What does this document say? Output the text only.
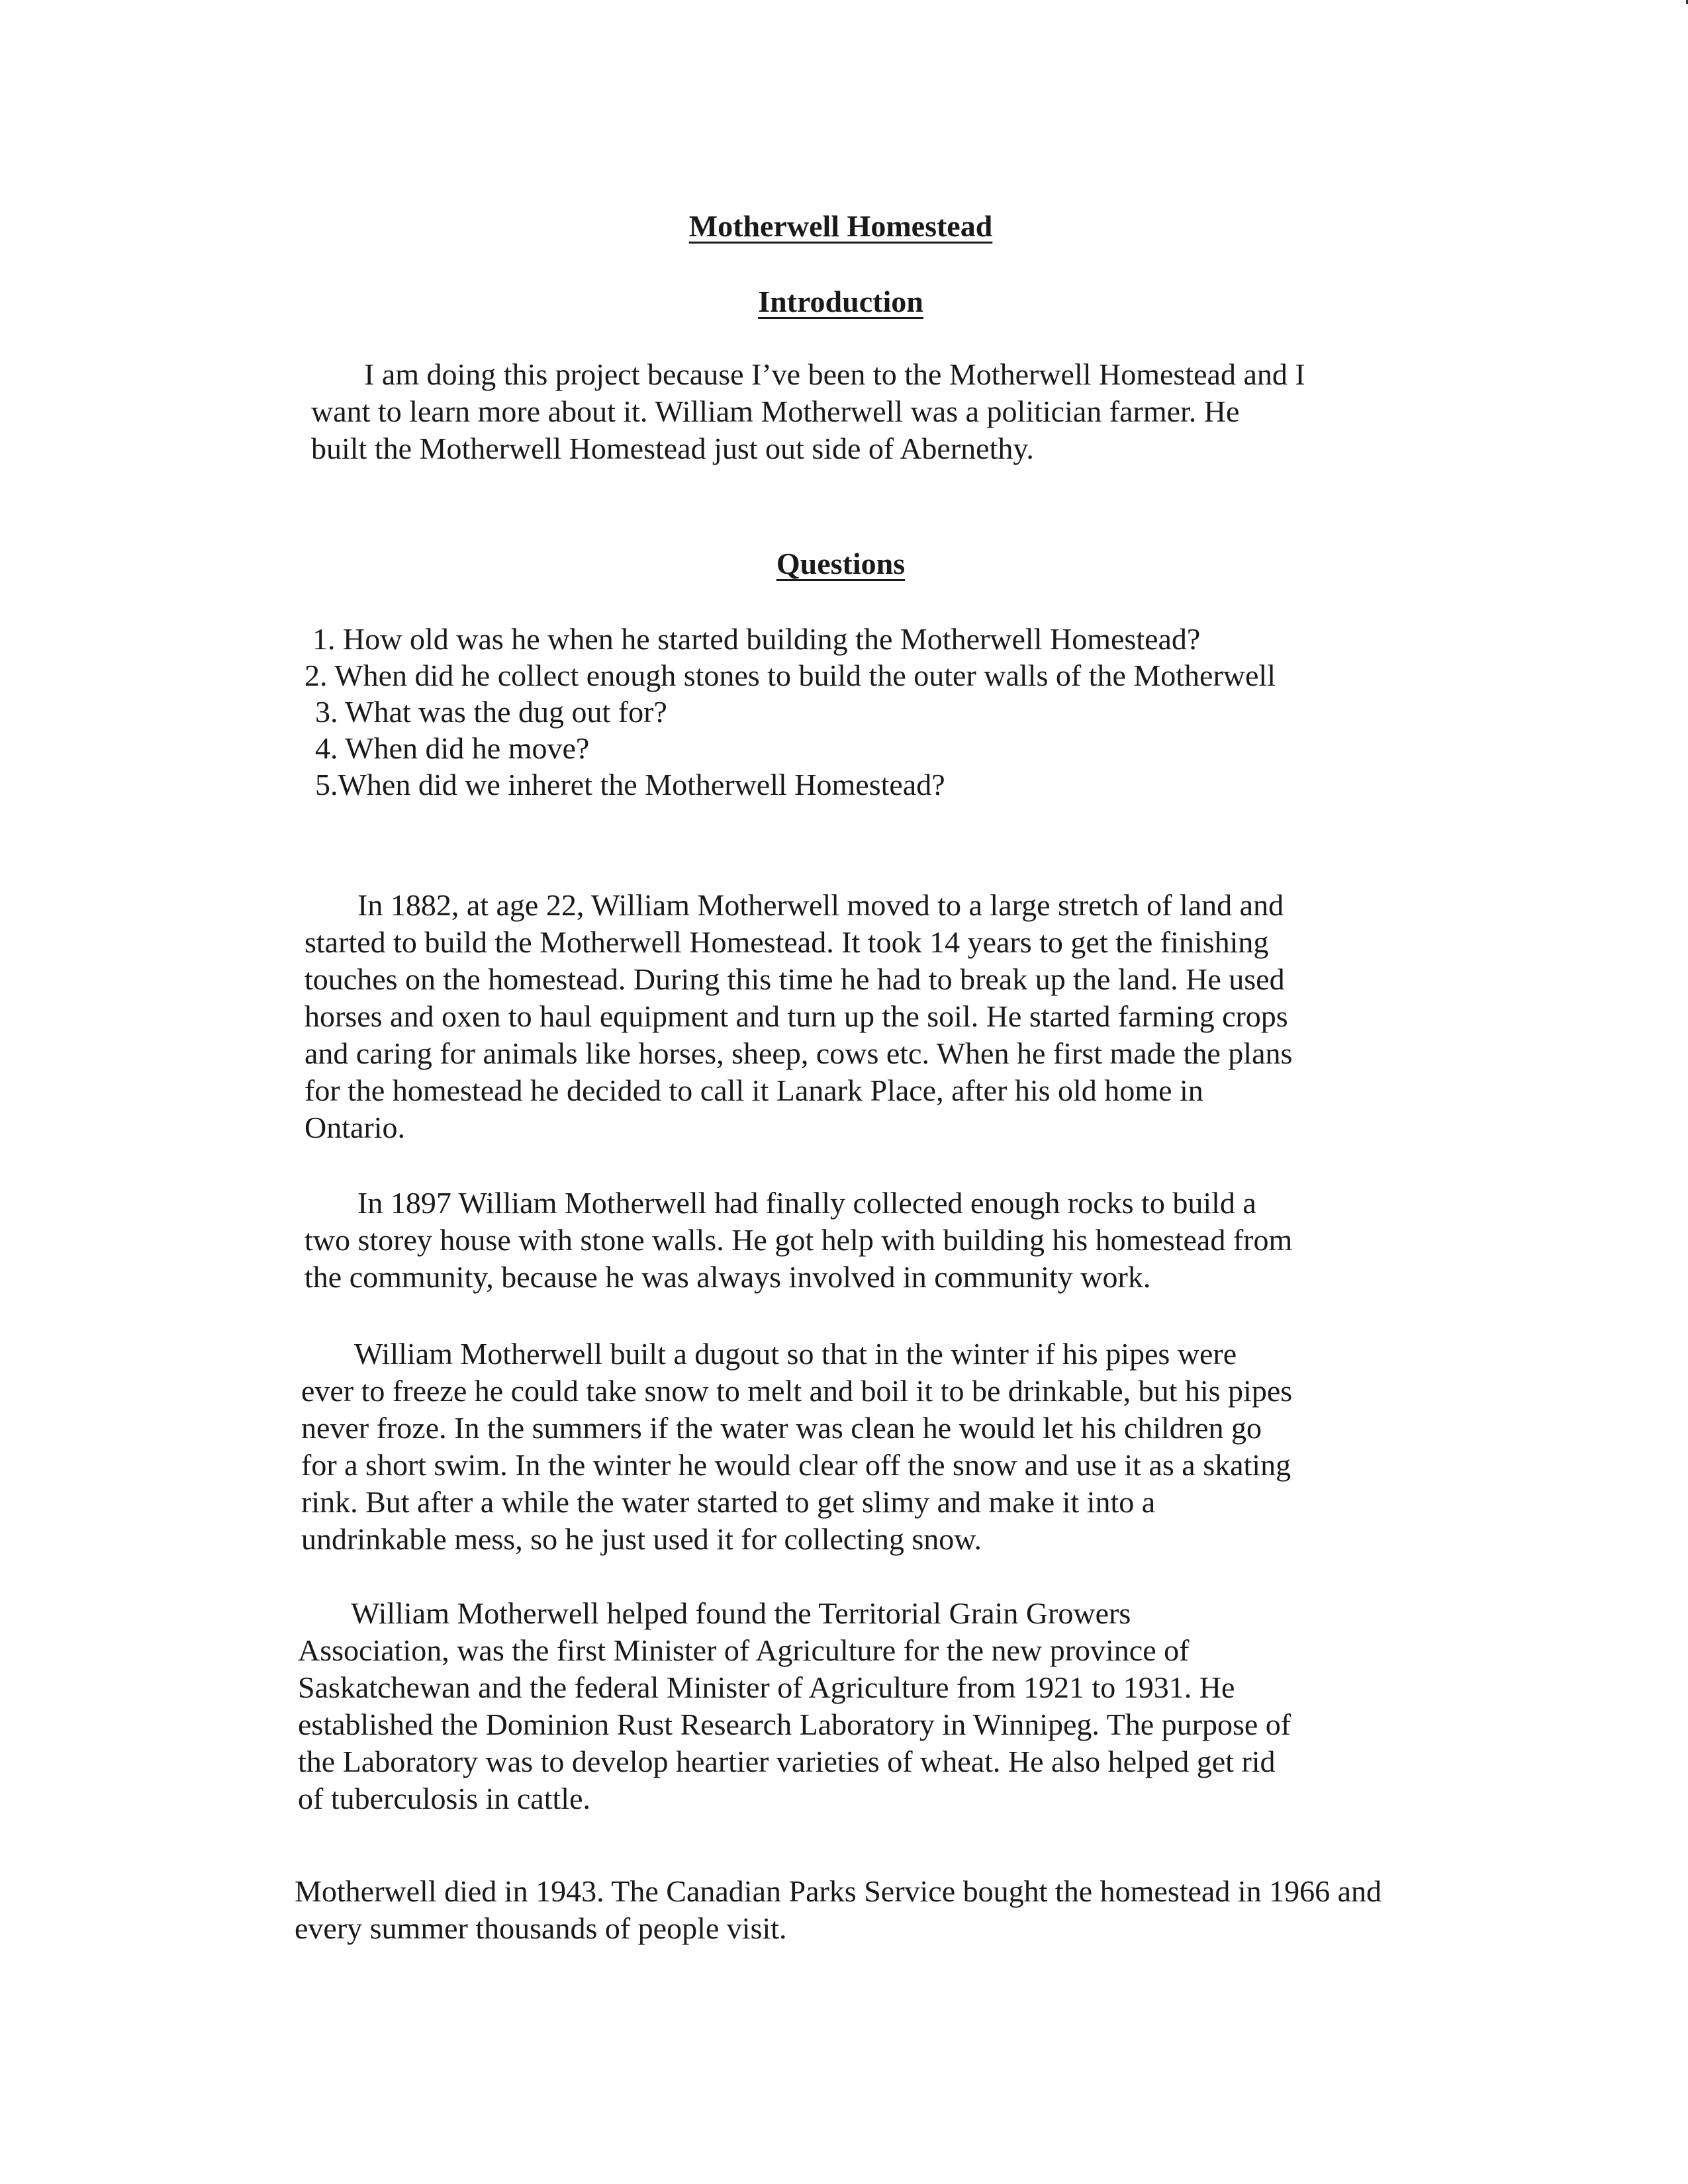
Motherwell Homestead
Introduction

I am doing this project because I’ve been to the Motherwell Homestead and I
want to learn more about it. William Motherwell was a politician farmer. He
built the Motherwell Homestead just out side of Abernethy.

Questions
1. How old was he when he started building the Motherwell Homestead?
2. When did he collect enough stones to build the outer walls of the Motherwell
3. What was the dug out for?
4. When did he move?
5.When did we inheret the Motherwell Homestead?

In 1882, at age 22, William Motherwell moved to a large stretch of land and
started to build the Motherwell Homestead. It took 14 years to get the finishing
touches on the homestead. During this time he had to break up the land. He used
horses and oxen to haul equipment and turn up the soil. He started farming crops
and caring for animals like horses, sheep, cows etc. When he first made the plans
for the homestead he decided to call it Lanark Place, after his old home in
Ontario.

In 1897 William Motherwell had finally collected enough rocks to build a
two storey house with stone walls. He got help with building his homestead from
the community, because he was always involved in community work.

William Motherwell built a dugout so that in the winter if his pipes were
ever to freeze he could take snow to melt and boil it to be drinkable, but his pipes
never froze. In the summers if the water was clean he would let his children go
for a short swim. In the winter he would clear off the snow and use it as a skating
rink. But after a while the water started to get slimy and make it into a
undrinkable mess, so he just used it for collecting snow.

William Motherwell helped found the Territorial Grain Growers
Association, was the first Minister of Agriculture for the new province of
Saskatchewan and the federal Minister of Agriculture from 1921 to 1931. He
established the Dominion Rust Research Laboratory in Winnipeg. The purpose of
the Laboratory was to develop heartier varieties of wheat. He also helped get rid
of tuberculosis in cattle.

Motherwell died in 1943. The Canadian Parks Service bought the homestead in 1966 and
every summer thousands of people visit.
